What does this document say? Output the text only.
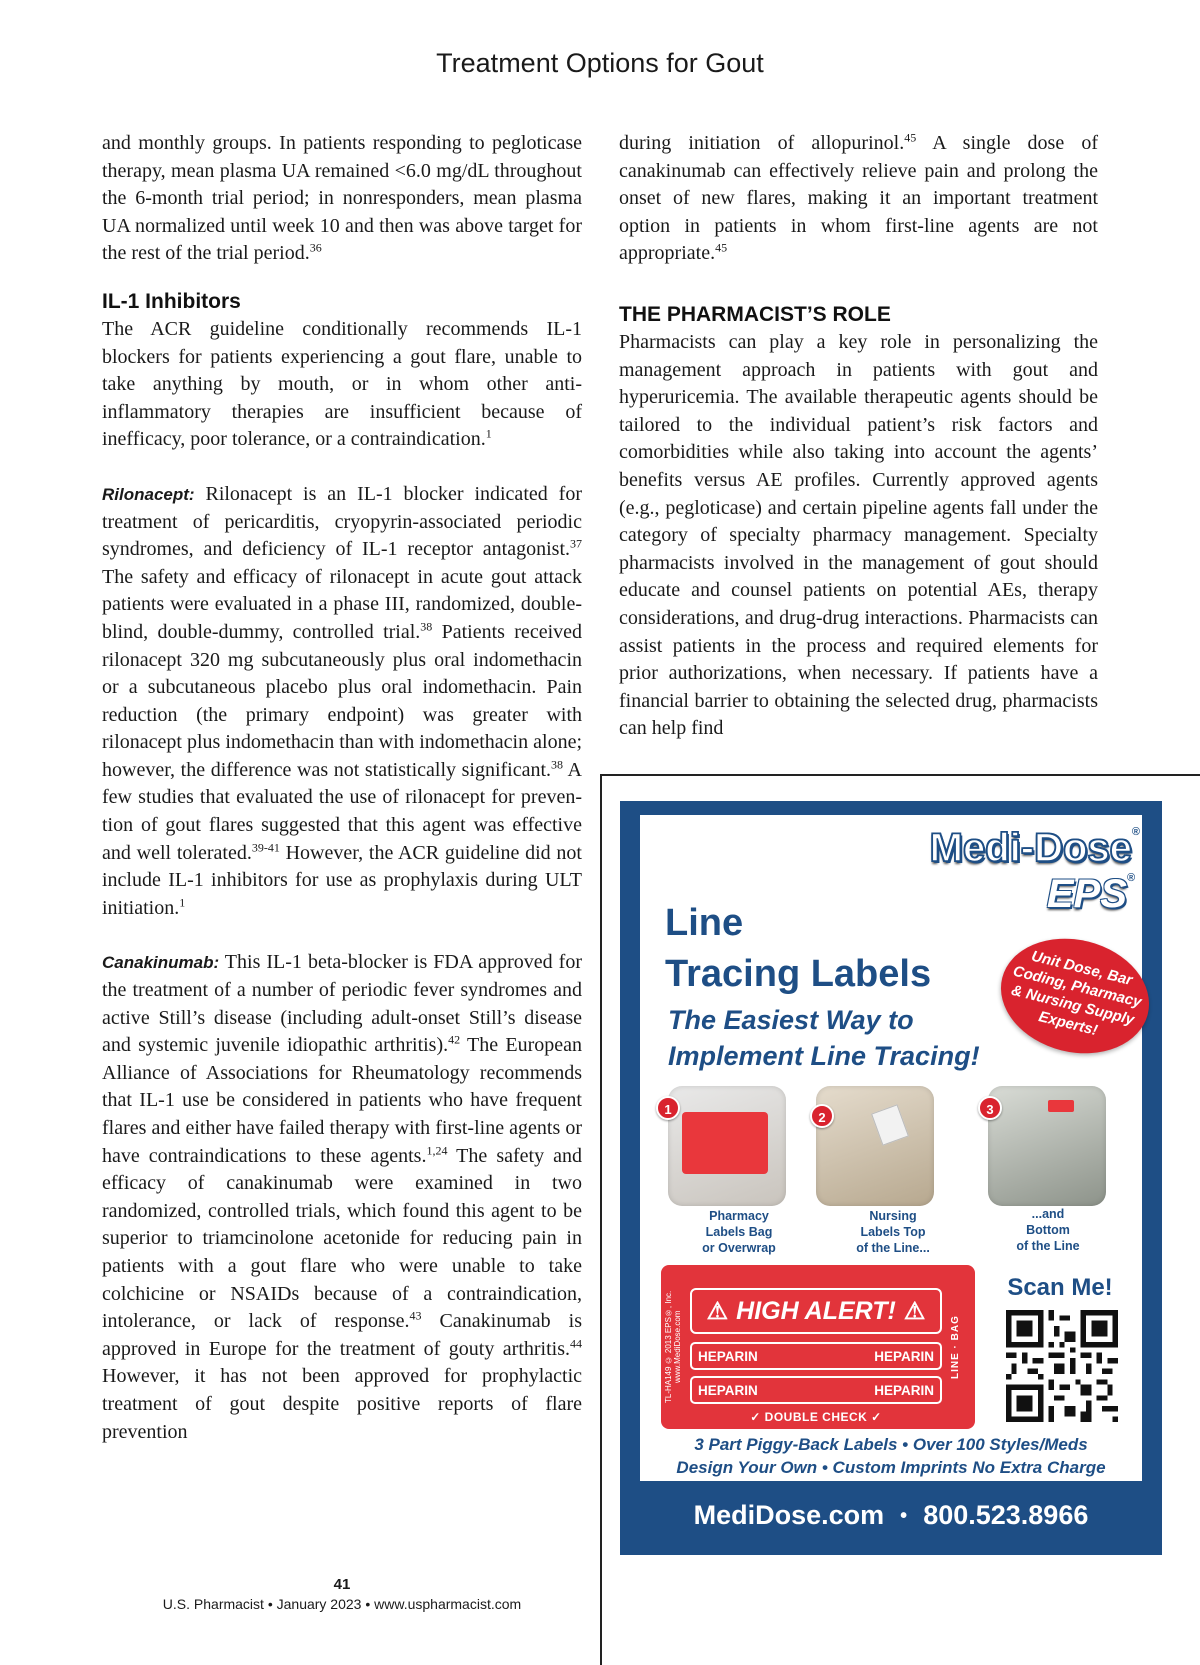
Treatment Options for Gout

and monthly groups. In patients responding to pegloticase therapy, mean plasma UA remained <6.0 mg/dL throughout the 6-month trial period; in nonresponders, mean plasma UA normalized until week 10 and then was above target for the rest of the trial period.$^{36}$

IL-1 Inhibitors

The ACR guideline conditionally recommends IL-1 blockers for patients experiencing a gout flare, unable to take anything by mouth, or in whom other anti-inflammatory therapies are insufficient because of inefficacy, poor tolerance, or a contraindication.$^1$

Rilonacept: Rilonacept is an IL-1 blocker indicated for treatment of pericarditis, cryopyrin-associated periodic syndromes, and deficiency of IL-1 receptor antagonist.$^{37}$ The safety and efficacy of rilonacept in acute gout attack patients were evaluated in a phase III, randomized, double-blind, double-dummy, controlled trial.$^{38}$ Patients received rilonacept 320 mg subcutaneously plus oral indomethacin or a subcutaneous placebo plus oral indomethacin. Pain reduction (the primary endpoint) was greater with rilonacept plus indomethacin than with indomethacin alone; however, the difference was not statistically significant.$^{38}$ A few studies that evaluated the use of rilonacept for prevention of gout flares suggested that this agent was effective and well tolerated.$^{39-41}$ However, the ACR guideline did not include IL-1 inhibitors for use as prophylaxis during ULT initiation.$^1$

Canakinumab: This IL-1 beta-blocker is FDA approved for the treatment of a number of periodic fever syndromes and active Still’s disease (including adult-onset Still’s disease and systemic juvenile idiopathic arthritis).$^{42}$ The European Alliance of Associations for Rheumatology recommends that IL-1 use be considered in patients who have frequent flares and either have failed therapy with first-line agents or have contraindications to these agents.$^{1,24}$ The safety and efficacy of canakinumab were examined in two randomized, controlled trials, which found this agent to be superior to triamcinolone acetonide for reducing pain in patients with a gout flare who were unable to take colchicine or NSAIDs because of a contraindication, intolerance, or lack of response.$^{43}$ Canakinumab is approved in Europe for the treatment of gouty arthritis.$^{44}$ However, it has not been approved for prophylactic treatment of gout despite positive reports of flare prevention

during initiation of allopurinol.$^{45}$ A single dose of canakinumab can effectively relieve pain and prolong the onset of new flares, making it an important treatment option in patients in whom first-line agents are not appropriate.$^{45}$

THE PHARMACIST’S ROLE

Pharmacists can play a key role in personalizing the management approach in patients with gout and hyperuricemia. The available therapeutic agents should be tailored to the individual patient’s risk factors and comorbidities while also taking into account the agents’ benefits versus AE profiles. Currently approved agents (e.g., pegloticase) and certain pipeline agents fall under the category of specialty pharmacy management. Specialty pharmacists involved in the management of gout should educate and counsel patients on potential AEs, therapy considerations, and drug-drug interactions. Pharmacists can assist patients in the process and required elements for prior authorizations, when necessary. If patients have a financial barrier to obtaining the selected drug, pharmacists can help find

41
U.S. Pharmacist • January 2023 • www.uspharmacist.com
Medi-Dose®
EPS®
Line
Tracing Labels
The Easiest Way to
Implement Line Tracing!
Unit Dose, Bar Coding, Pharmacy & Nursing Supply Experts!
1
2
3
Pharmacy
Labels Bag
or Overwrap
Nursing
Labels Top
of the Line...
...and
Bottom
of the Line
TL-HA149 © 2013 EPS®, Inc. www.MediDose.com	LINE · BAG
⚠ HIGH ALERT! ⚠
HEPARIN	HEPARIN
HEPARIN	HEPARIN
✓ DOUBLE CHECK ✓
Scan Me!
3 Part Piggy-Back Labels • Over 100 Styles/Meds
Design Your Own • Custom Imprints No Extra Charge
MediDose.com • 800.523.8966
